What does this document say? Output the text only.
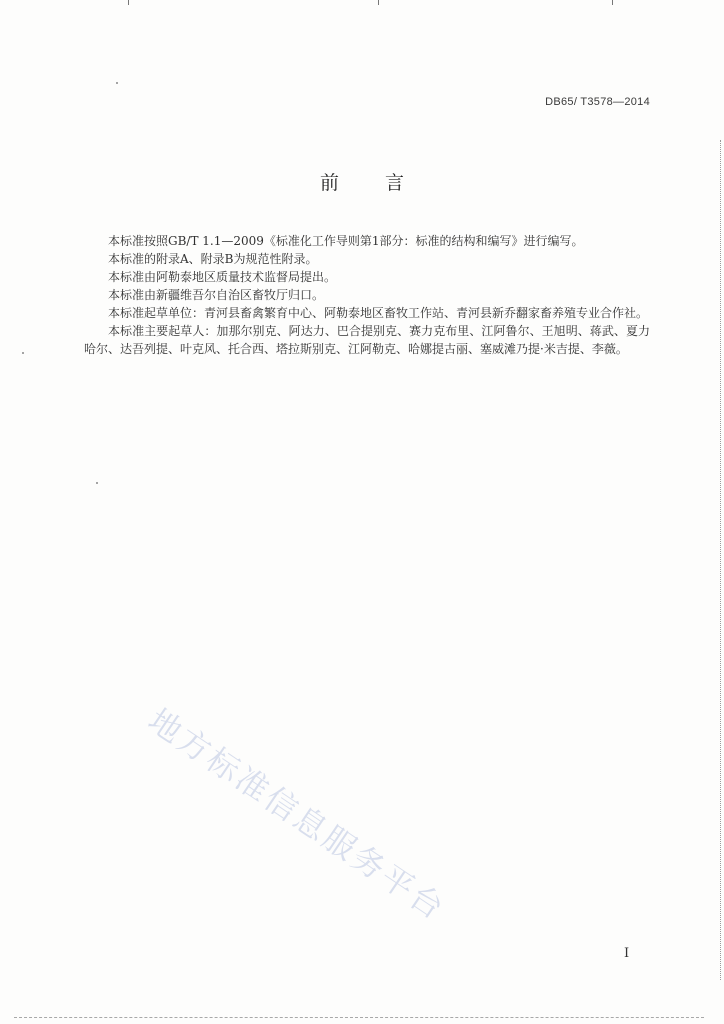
DB65/ T3578—2014
前 言

本标准按照GB/T 1.1—2009《标准化工作导则第1部分：标准的结构和编写》进行编写。

本标准的附录A、附录B为规范性附录。

本标准由阿勒泰地区质量技术监督局提出。

本标准由新疆维吾尔自治区畜牧厅归口。

本标准起草单位：青河县畜禽繁育中心、阿勒泰地区畜牧工作站、青河县新乔翻家畜养殖专业合作社。

本标准主要起草人：加那尔别克、阿达力、巴合提别克、赛力克布里、江阿鲁尔、王旭明、蒋武、夏力哈尔、达吾列提、叶克风、托合西、塔拉斯别克、江阿勒克、哈娜提古丽、塞威滩乃提·米吉提、李薇。

地方标准信息服务平台
I
